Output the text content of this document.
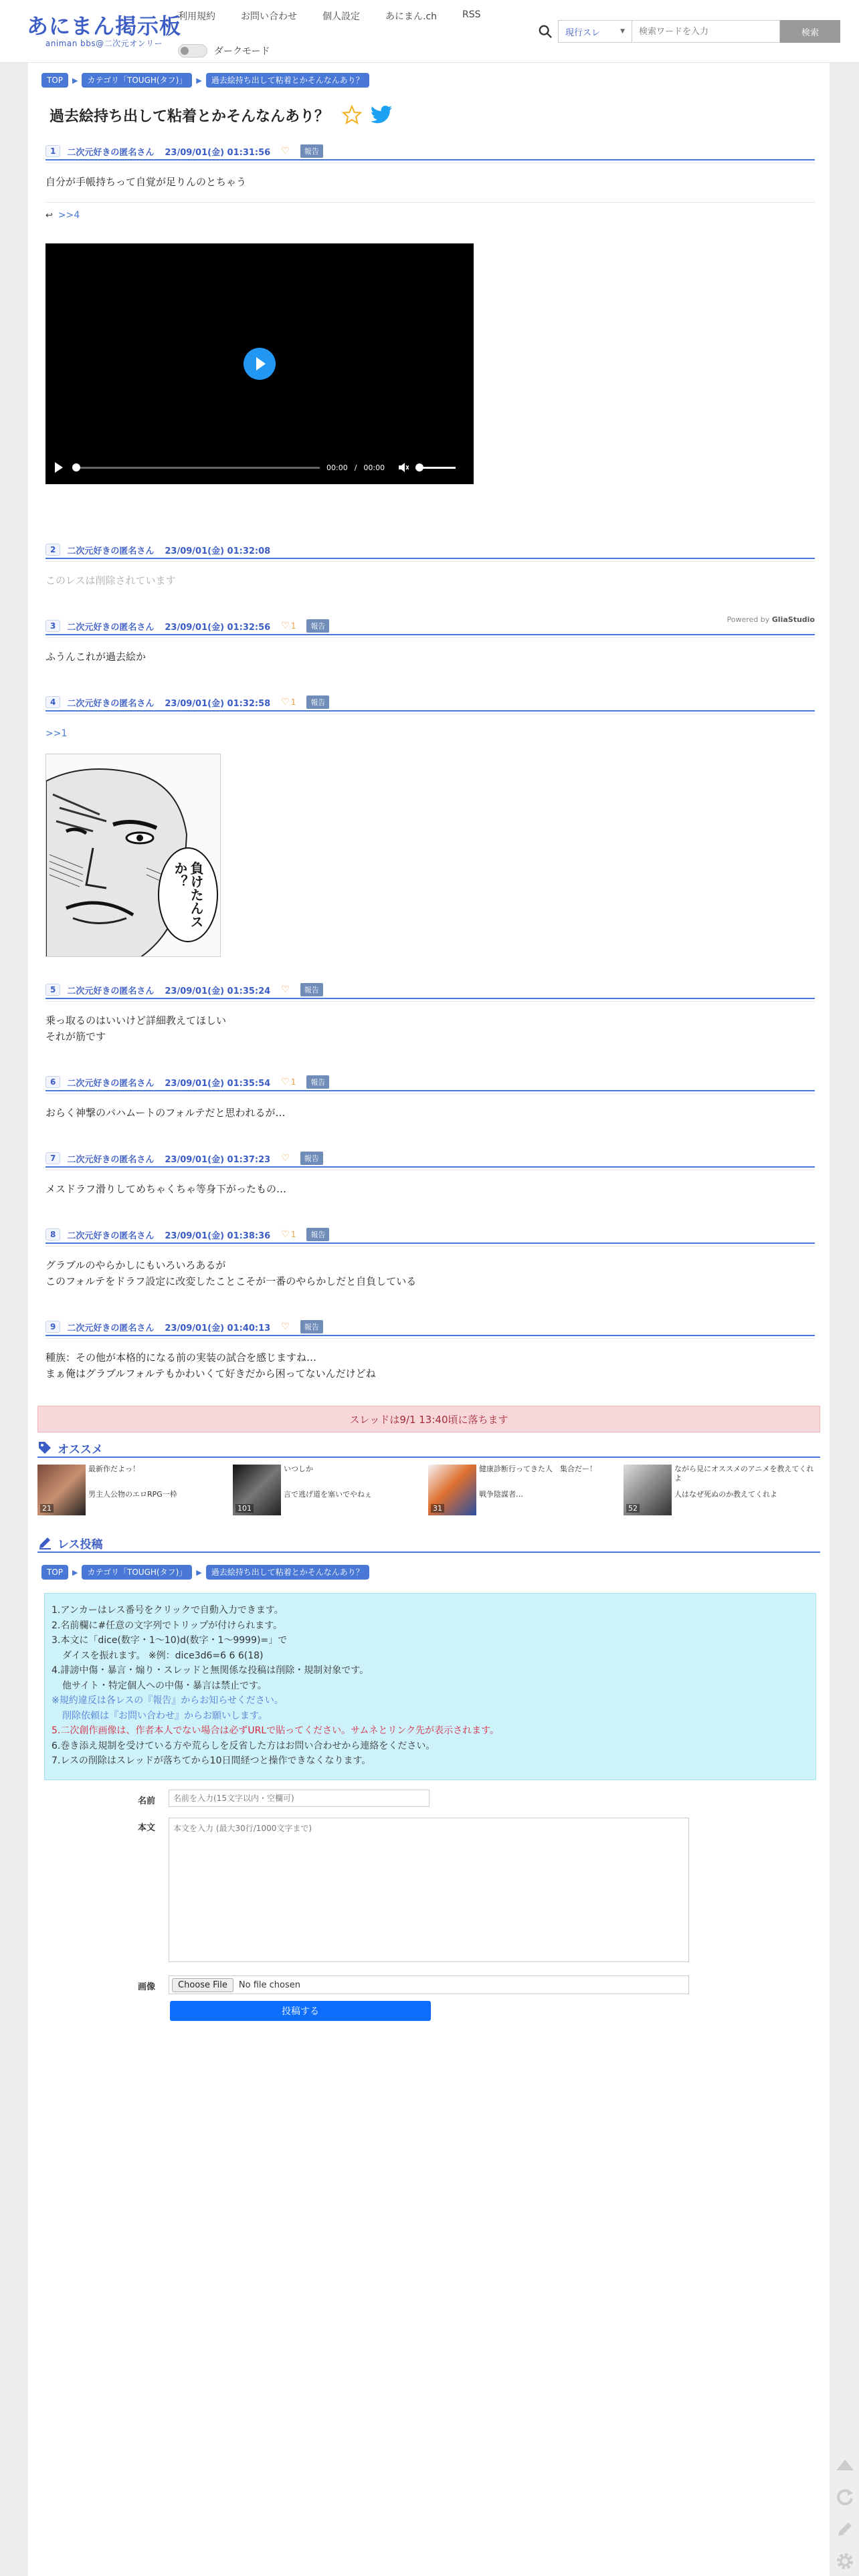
あにまん掲示板
animan bbs@二次元オンリー
利用規約	お問い合わせ	個人設定	あにまん.ch	RSS
ダークモード
現行スレ	▼
検索ワードを入力	検索
TOP	▶	カテゴリ「TOUGH(タフ)」	▶	過去絵持ち出して粘着とかそんなんあり？
過去絵持ち出して粘着とかそんなんあり？
1	二次元好きの匿名さん 23/09/01(金) 01:31:56 ♡	報告
自分が手帳持ちって自覚が足りんのとちゃう
↩ >>4
00:00 / 00:00
Powered by GliaStudio
2	二次元好きの匿名さん 23/09/01(金) 01:32:08
このレスは削除されています
3	二次元好きの匿名さん 23/09/01(金) 01:32:56 ♡ 1	報告
ふうんこれが過去絵か
4	二次元好きの匿名さん 23/09/01(金) 01:32:58 ♡ 1	報告
>>1
負けたんスか？
5	二次元好きの匿名さん 23/09/01(金) 01:35:24 ♡	報告
乗っ取るのはいいけど詳細教えてほしい
それが筋です
6	二次元好きの匿名さん 23/09/01(金) 01:35:54 ♡ 1	報告
おらく神撃のバハムートのフォルテだと思われるが…
7	二次元好きの匿名さん 23/09/01(金) 01:37:23 ♡	報告
メスドラフ滑りしてめちゃくちゃ等身下がったもの…
8	二次元好きの匿名さん 23/09/01(金) 01:38:36 ♡ 1	報告
グラブルのやらかしにもいろいろあるが
このフォルテをドラフ設定に改変したことこそが一番のやらかしだと自負している
9	二次元好きの匿名さん 23/09/01(金) 01:40:13 ♡	報告
種族：その他が本格的になる前の実装の試合を感じますね…
まぁ俺はグラブルフォルテもかわいくて好きだから困ってないんだけどね
スレッドは9/1 13:40頃に落ちます
オススメ
21
最新作だよっ！
男主人公物のエロRPG一枠
101
いつしか
言で逃げ道を塞いでやねぇ
31
健康診断行ってきた人　集合だー！
戦争陰謀者…
52
ながら見にオススメのアニメを教えてくれよ
人はなぜ死ぬのか教えてくれよ
レス投稿
TOP	▶	カテゴリ「TOUGH(タフ)」	▶	過去絵持ち出して粘着とかそんなんあり？
1.アンカーはレス番号をクリックで自動入力できます。
2.名前欄に#任意の文字列でトリップが付けられます。
3.本文に「dice(数字・1〜10)d(数字・1〜9999)=」で
ダイスを振れます。 ※例：dice3d6=6 6 6(18)
4.誹謗中傷・暴言・煽り・スレッドと無関係な投稿は削除・規制対象です。
他サイト・特定個人への中傷・暴言は禁止です。
※規約違反は各レスの『報告』からお知らせください。
削除依頼は『お問い合わせ』からお願いします。
5.二次創作画像は、作者本人でない場合は必ずURLで貼ってください。サムネとリンク先が表示されます。
6.巻き添え規制を受けている方や荒らしを反省した方はお問い合わせから連絡をください。
7.レスの削除はスレッドが落ちてから10日間経つと操作できなくなります。
名前
名前を入力(15文字以内・空欄可)
本文
本文を入力 (最大30行/1000文字まで)
画像	Choose File	No file chosen
投稿する
